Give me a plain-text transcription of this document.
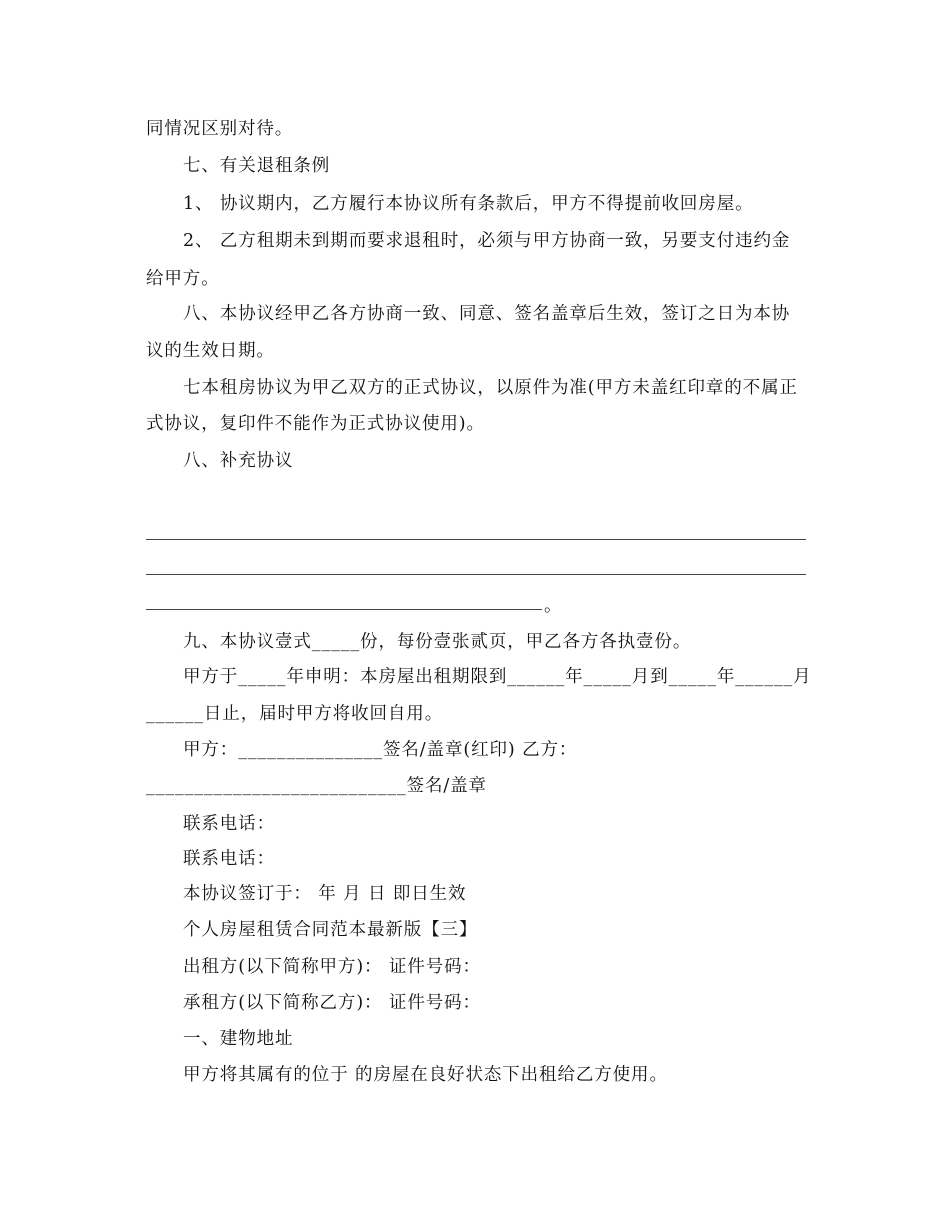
同情况区别对待。
七、有关退租条例
1、 协议期内，乙方履行本协议所有条款后，甲方不得提前收回房屋。
2、 乙方租期未到期而要求退租时，必须与甲方协商一致，另要支付违约金
给甲方。
八、本协议经甲乙各方协商一致、同意、签名盖章后生效，签订之日为本协
议的生效日期。
七本租房协议为甲乙双方的正式协议，以原件为准(甲方未盖红印章的不属正
式协议，复印件不能作为正式协议使用)。
八、补充协议
。
九、本协议壹式_____份，每份壹张贰页，甲乙各方各执壹份。
甲方于_____年申明：本房屋出租期限到______年_____月到_____年______月
______日止，届时甲方将收回自用。
甲方：_______________签名/盖章(红印) 乙方：
___________________________签名/盖章
联系电话：
联系电话：
本协议签订于： 年 月 日 即日生效
个人房屋租赁合同范本最新版【三】
出租方(以下简称甲方)： 证件号码：
承租方(以下简称乙方)： 证件号码：
一、建物地址
甲方将其属有的位于 的房屋在良好状态下出租给乙方使用。
